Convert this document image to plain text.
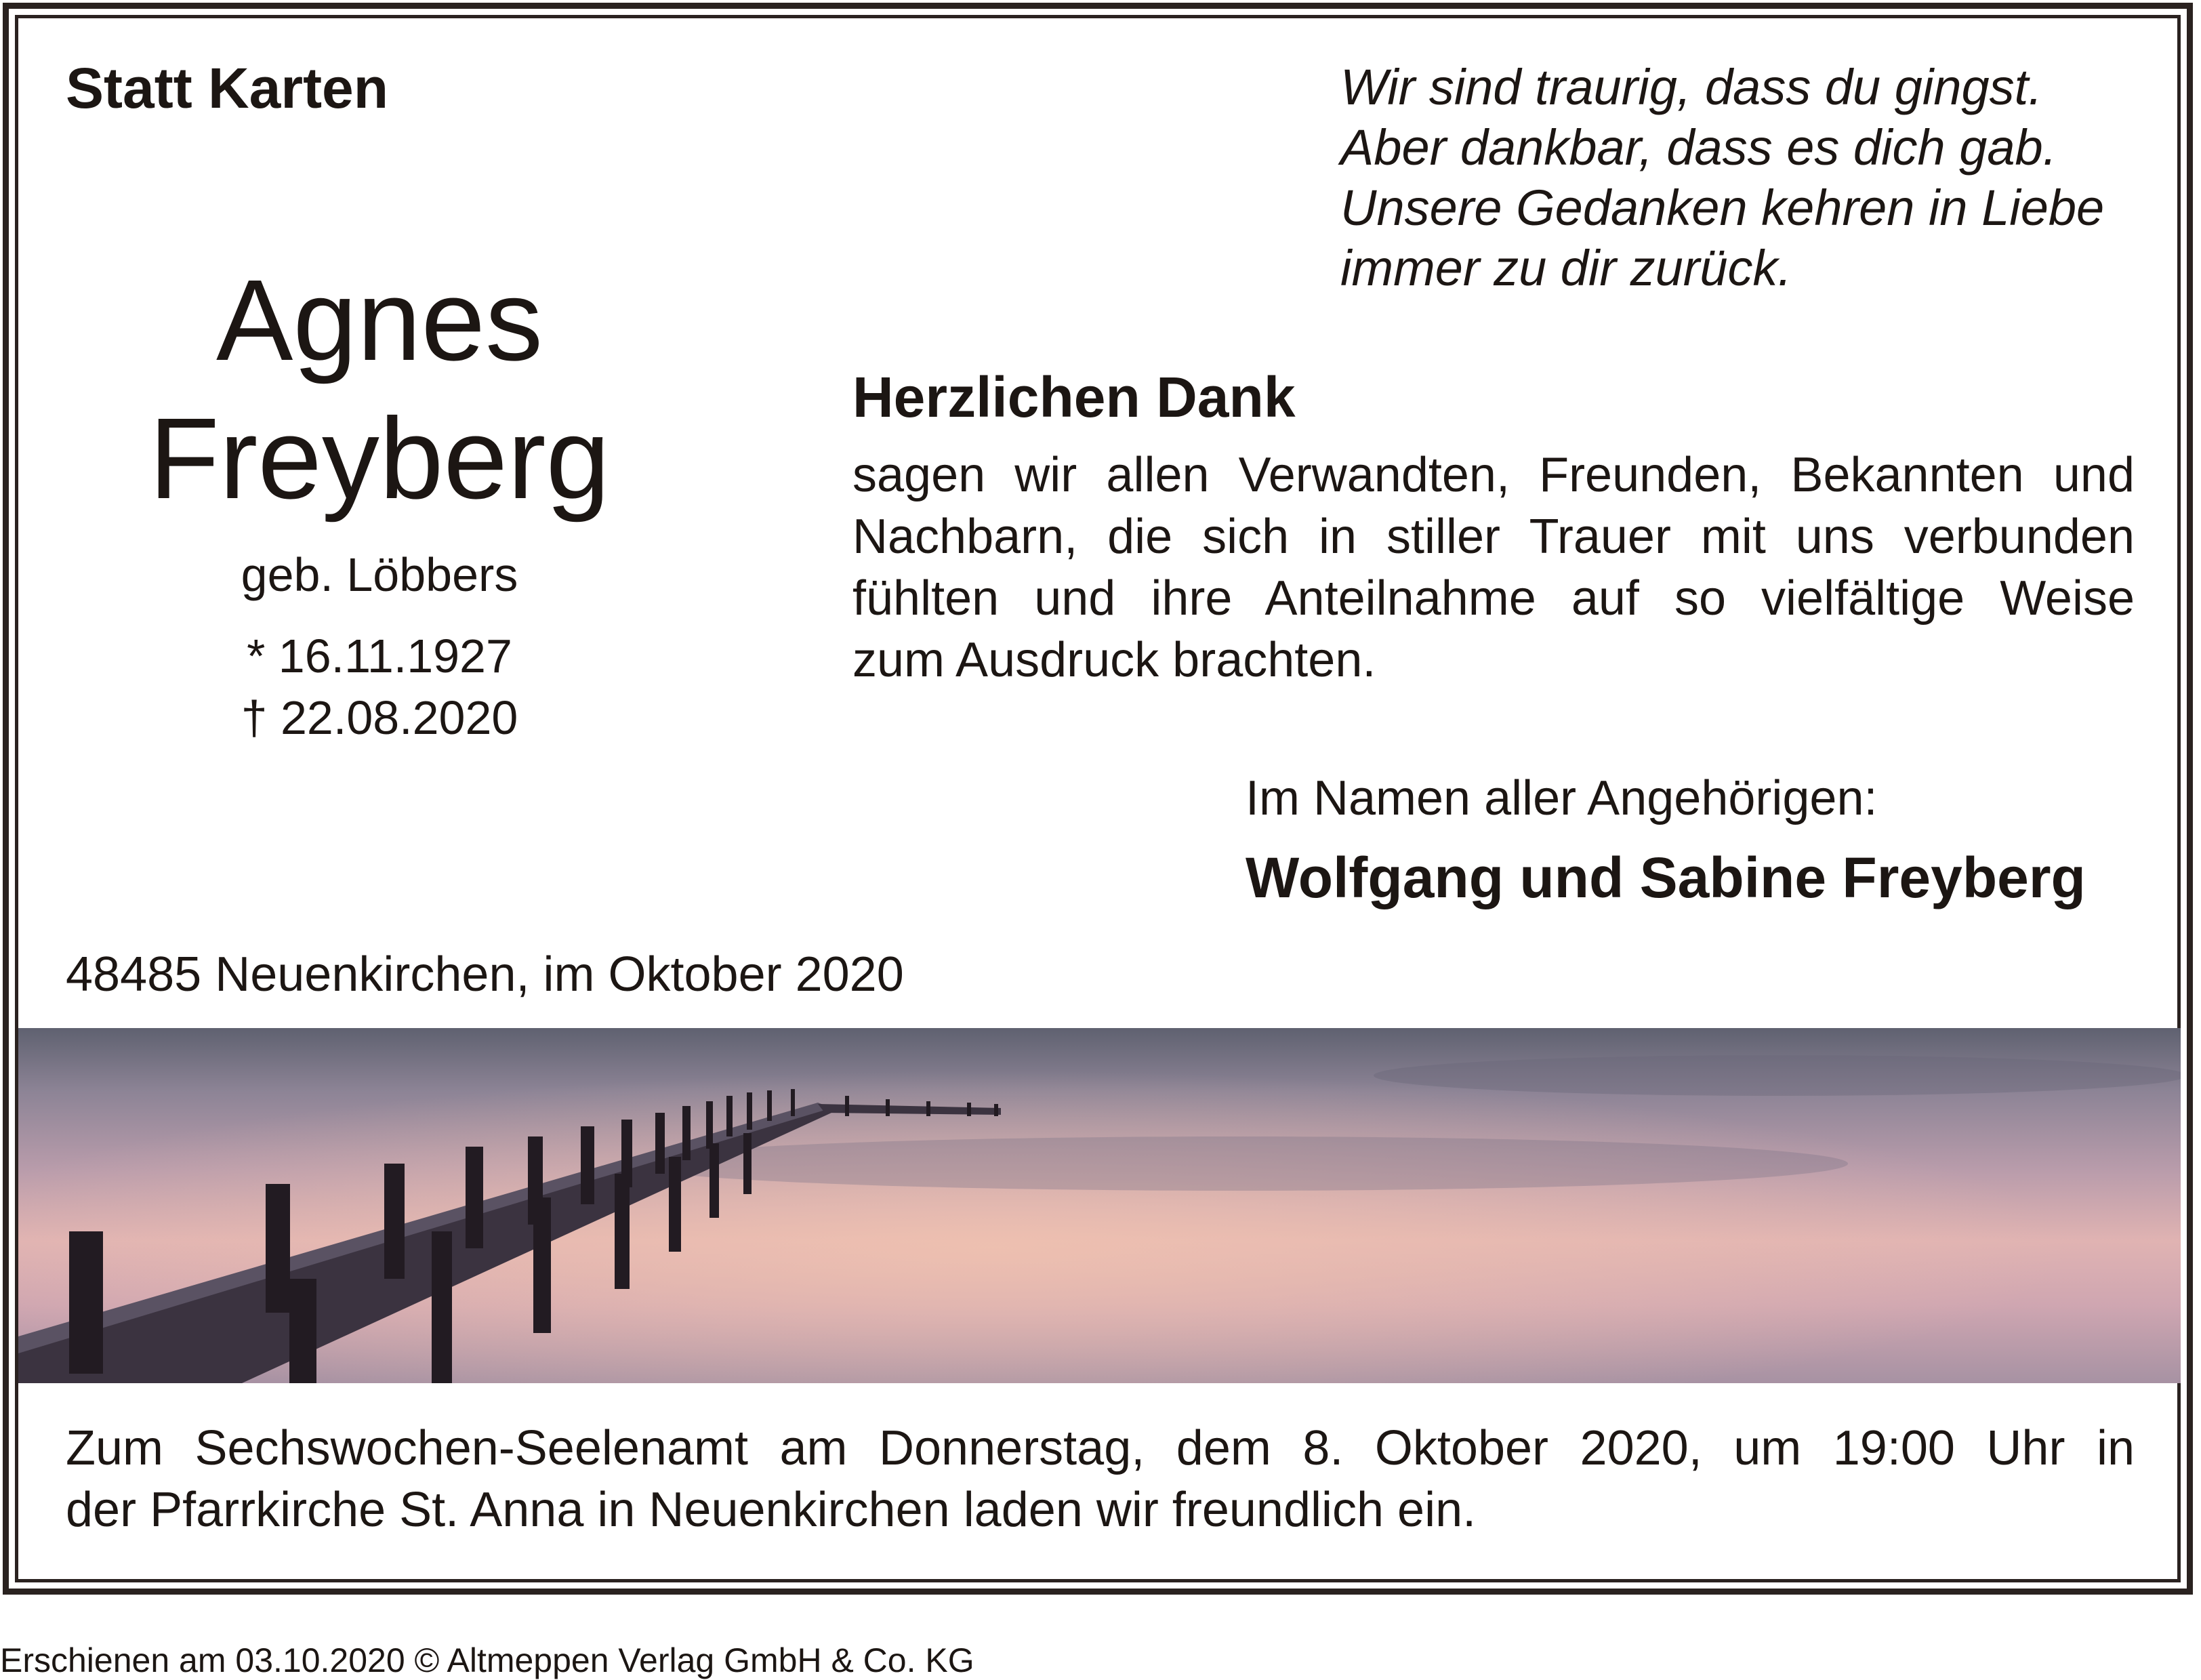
Statt Karten
Agnes
Freyberg
geb. Löbbers
* 16.11.1927
† 22.08.2020
Wir sind traurig, dass du gingst.
Aber dankbar, dass es dich gab.
Unsere Gedanken kehren in Liebe
immer zu dir zurück.
Herzlichen Dank
sagen wir allen Verwandten, Freunden, Bekannten und
Nachbarn, die sich in stiller Trauer mit uns verbunden
fühlten und ihre Anteilnahme auf so vielfältige Weise
zum Ausdruck brachten.
Im Namen aller Angehörigen:
Wolfgang und Sabine Freyberg
48485 Neuenkirchen, im Oktober 2020
Zum Sechswochen-Seelenamt am Donnerstag, dem 8. Oktober 2020, um 19:00 Uhr in
der Pfarrkirche St. Anna in Neuenkirchen laden wir freundlich ein.
Erschienen am 03.10.2020 © Altmeppen Verlag GmbH & Co. KG
